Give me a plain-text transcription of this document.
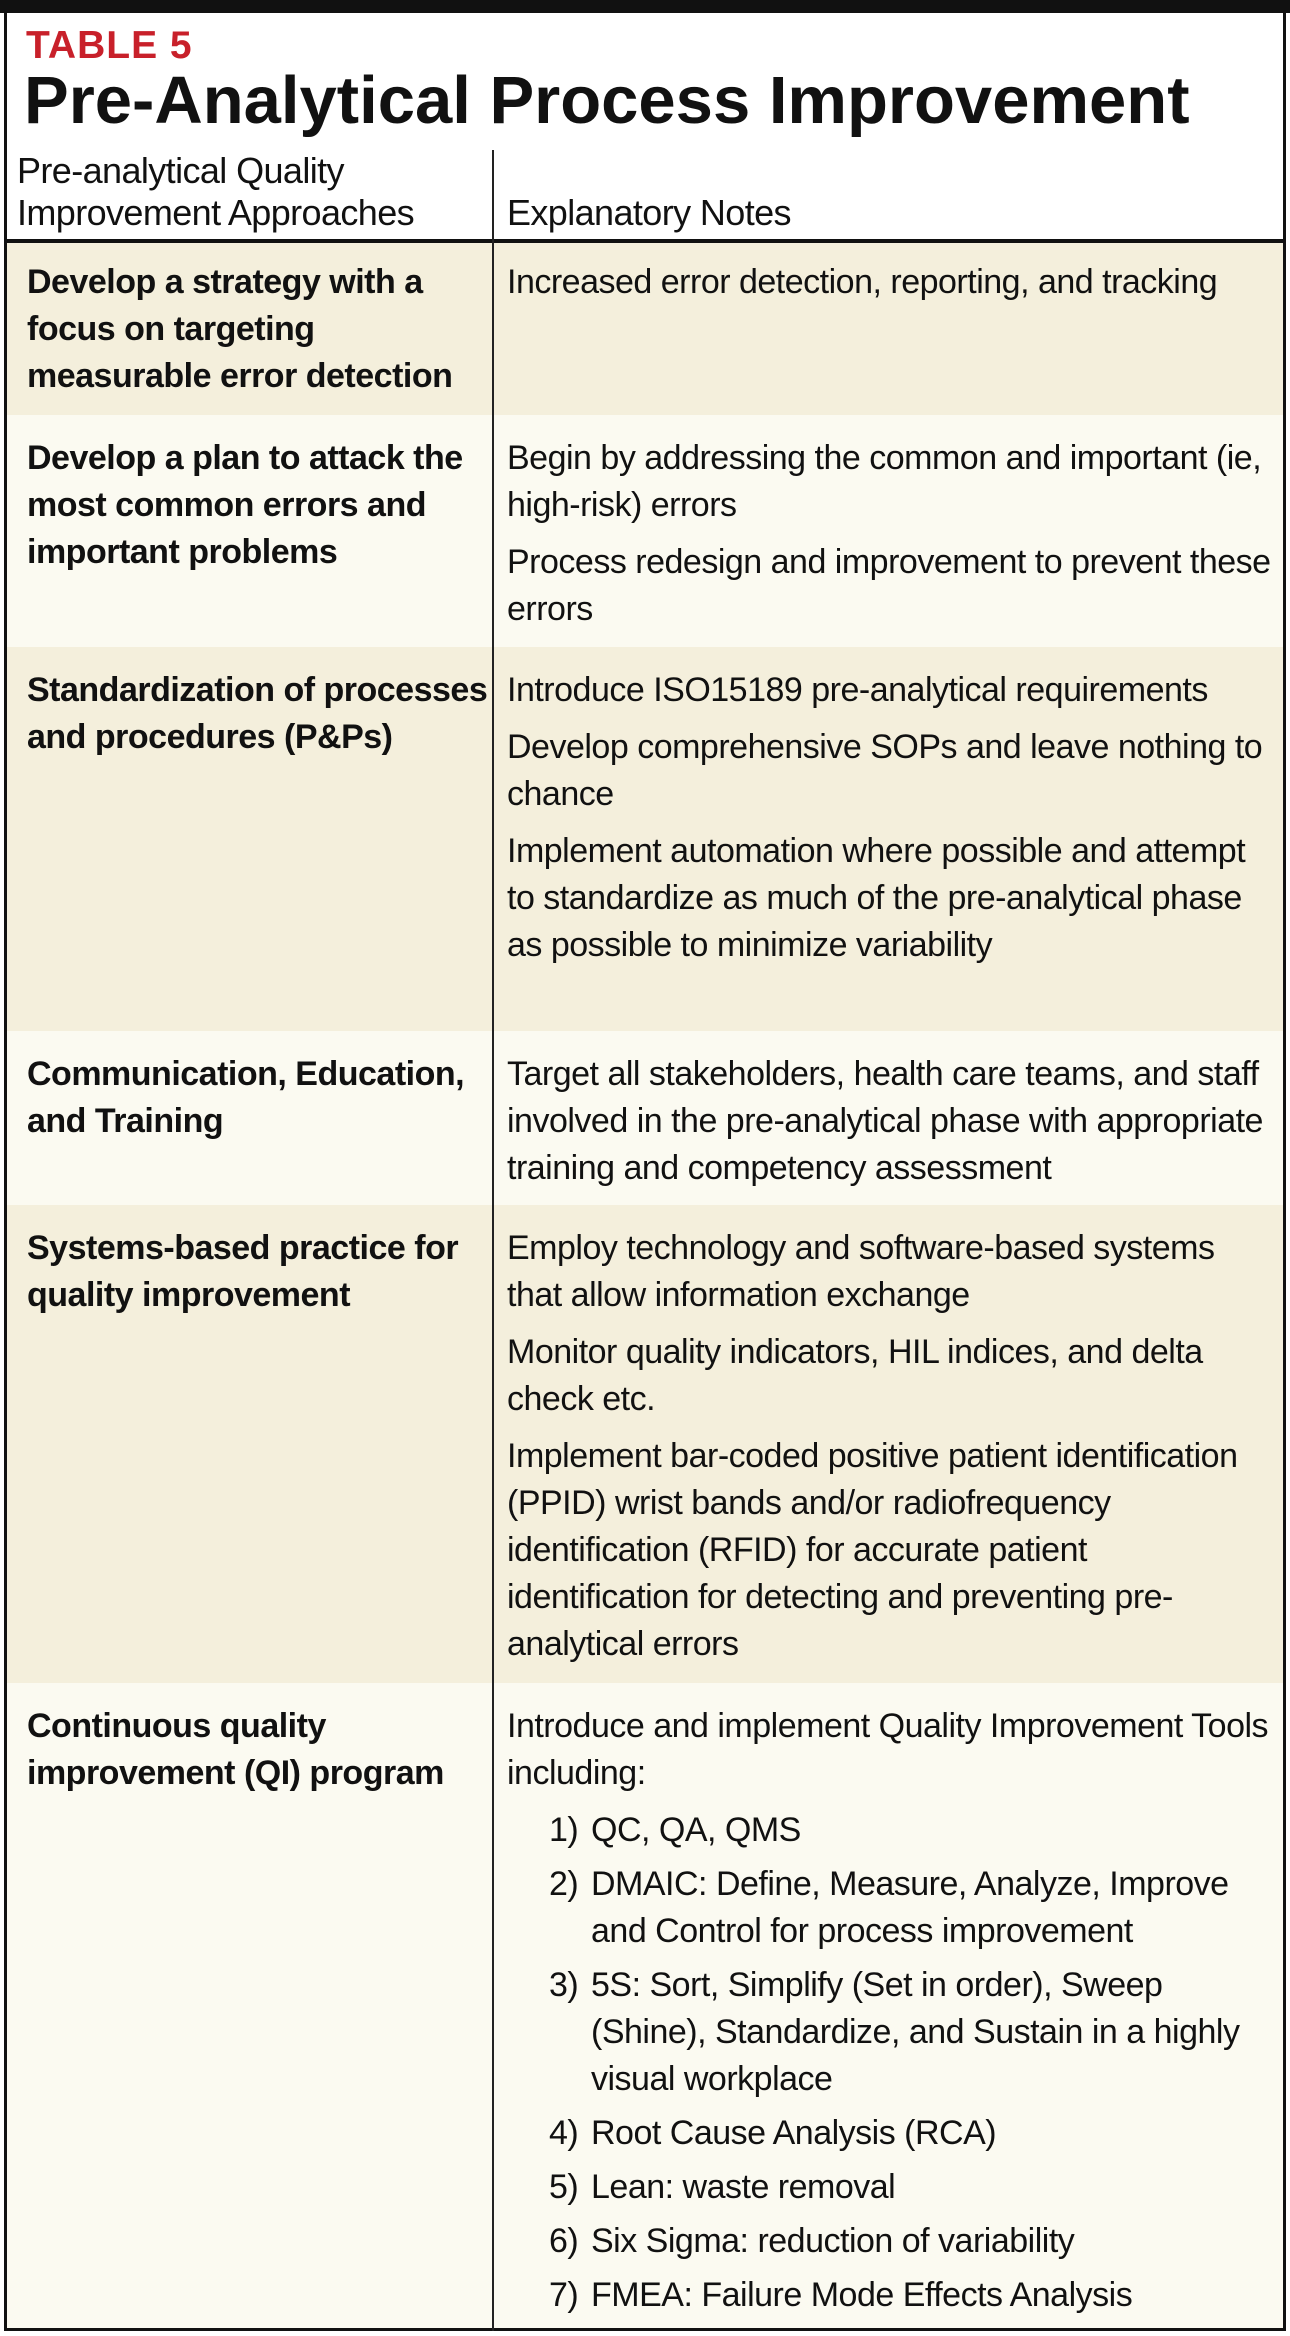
TABLE 5
Pre-Analytical Process Improvement
Pre-analytical Quality
Improvement Approaches	Explanatory Notes
Develop a strategy with a focus on targeting measurable error detection
Increased error detection, reporting, and tracking
Develop a plan to attack the most common errors and important problems
Begin by addressing the common and important (ie, high-risk) errors
Process redesign and improvement to prevent these errors
Standardization of processes and procedures (P&Ps)
Introduce ISO15189 pre-analytical requirements
Develop comprehensive SOPs and leave nothing to chance
Implement automation where possible and attempt to standardize as much of the pre-analytical phase as possible to minimize variability
Communication, Education, and Training
Target all stakeholders, health care teams, and staff involved in the pre-analytical phase with appropriate training and competency assessment
Systems-based practice for quality improvement
Employ technology and software-based systems that allow information exchange
Monitor quality indicators, HIL indices, and delta check etc.
Implement bar-coded positive patient identification (PPID) wrist bands and/or radiofrequency identification (RFID) for accurate patient identification for detecting and preventing pre-analytical errors
Continuous quality improvement (QI) program
Introduce and implement Quality Improvement Tools including:
1) QC, QA, QMS
2) DMAIC: Define, Measure, Analyze, Improve and Control for process improvement
3) 5S: Sort, Simplify (Set in order), Sweep (Shine), Standardize, and Sustain in a highly visual workplace
4) Root Cause Analysis (RCA)
5) Lean: waste removal
6) Six Sigma: reduction of variability
7) FMEA: Failure Mode Effects Analysis
